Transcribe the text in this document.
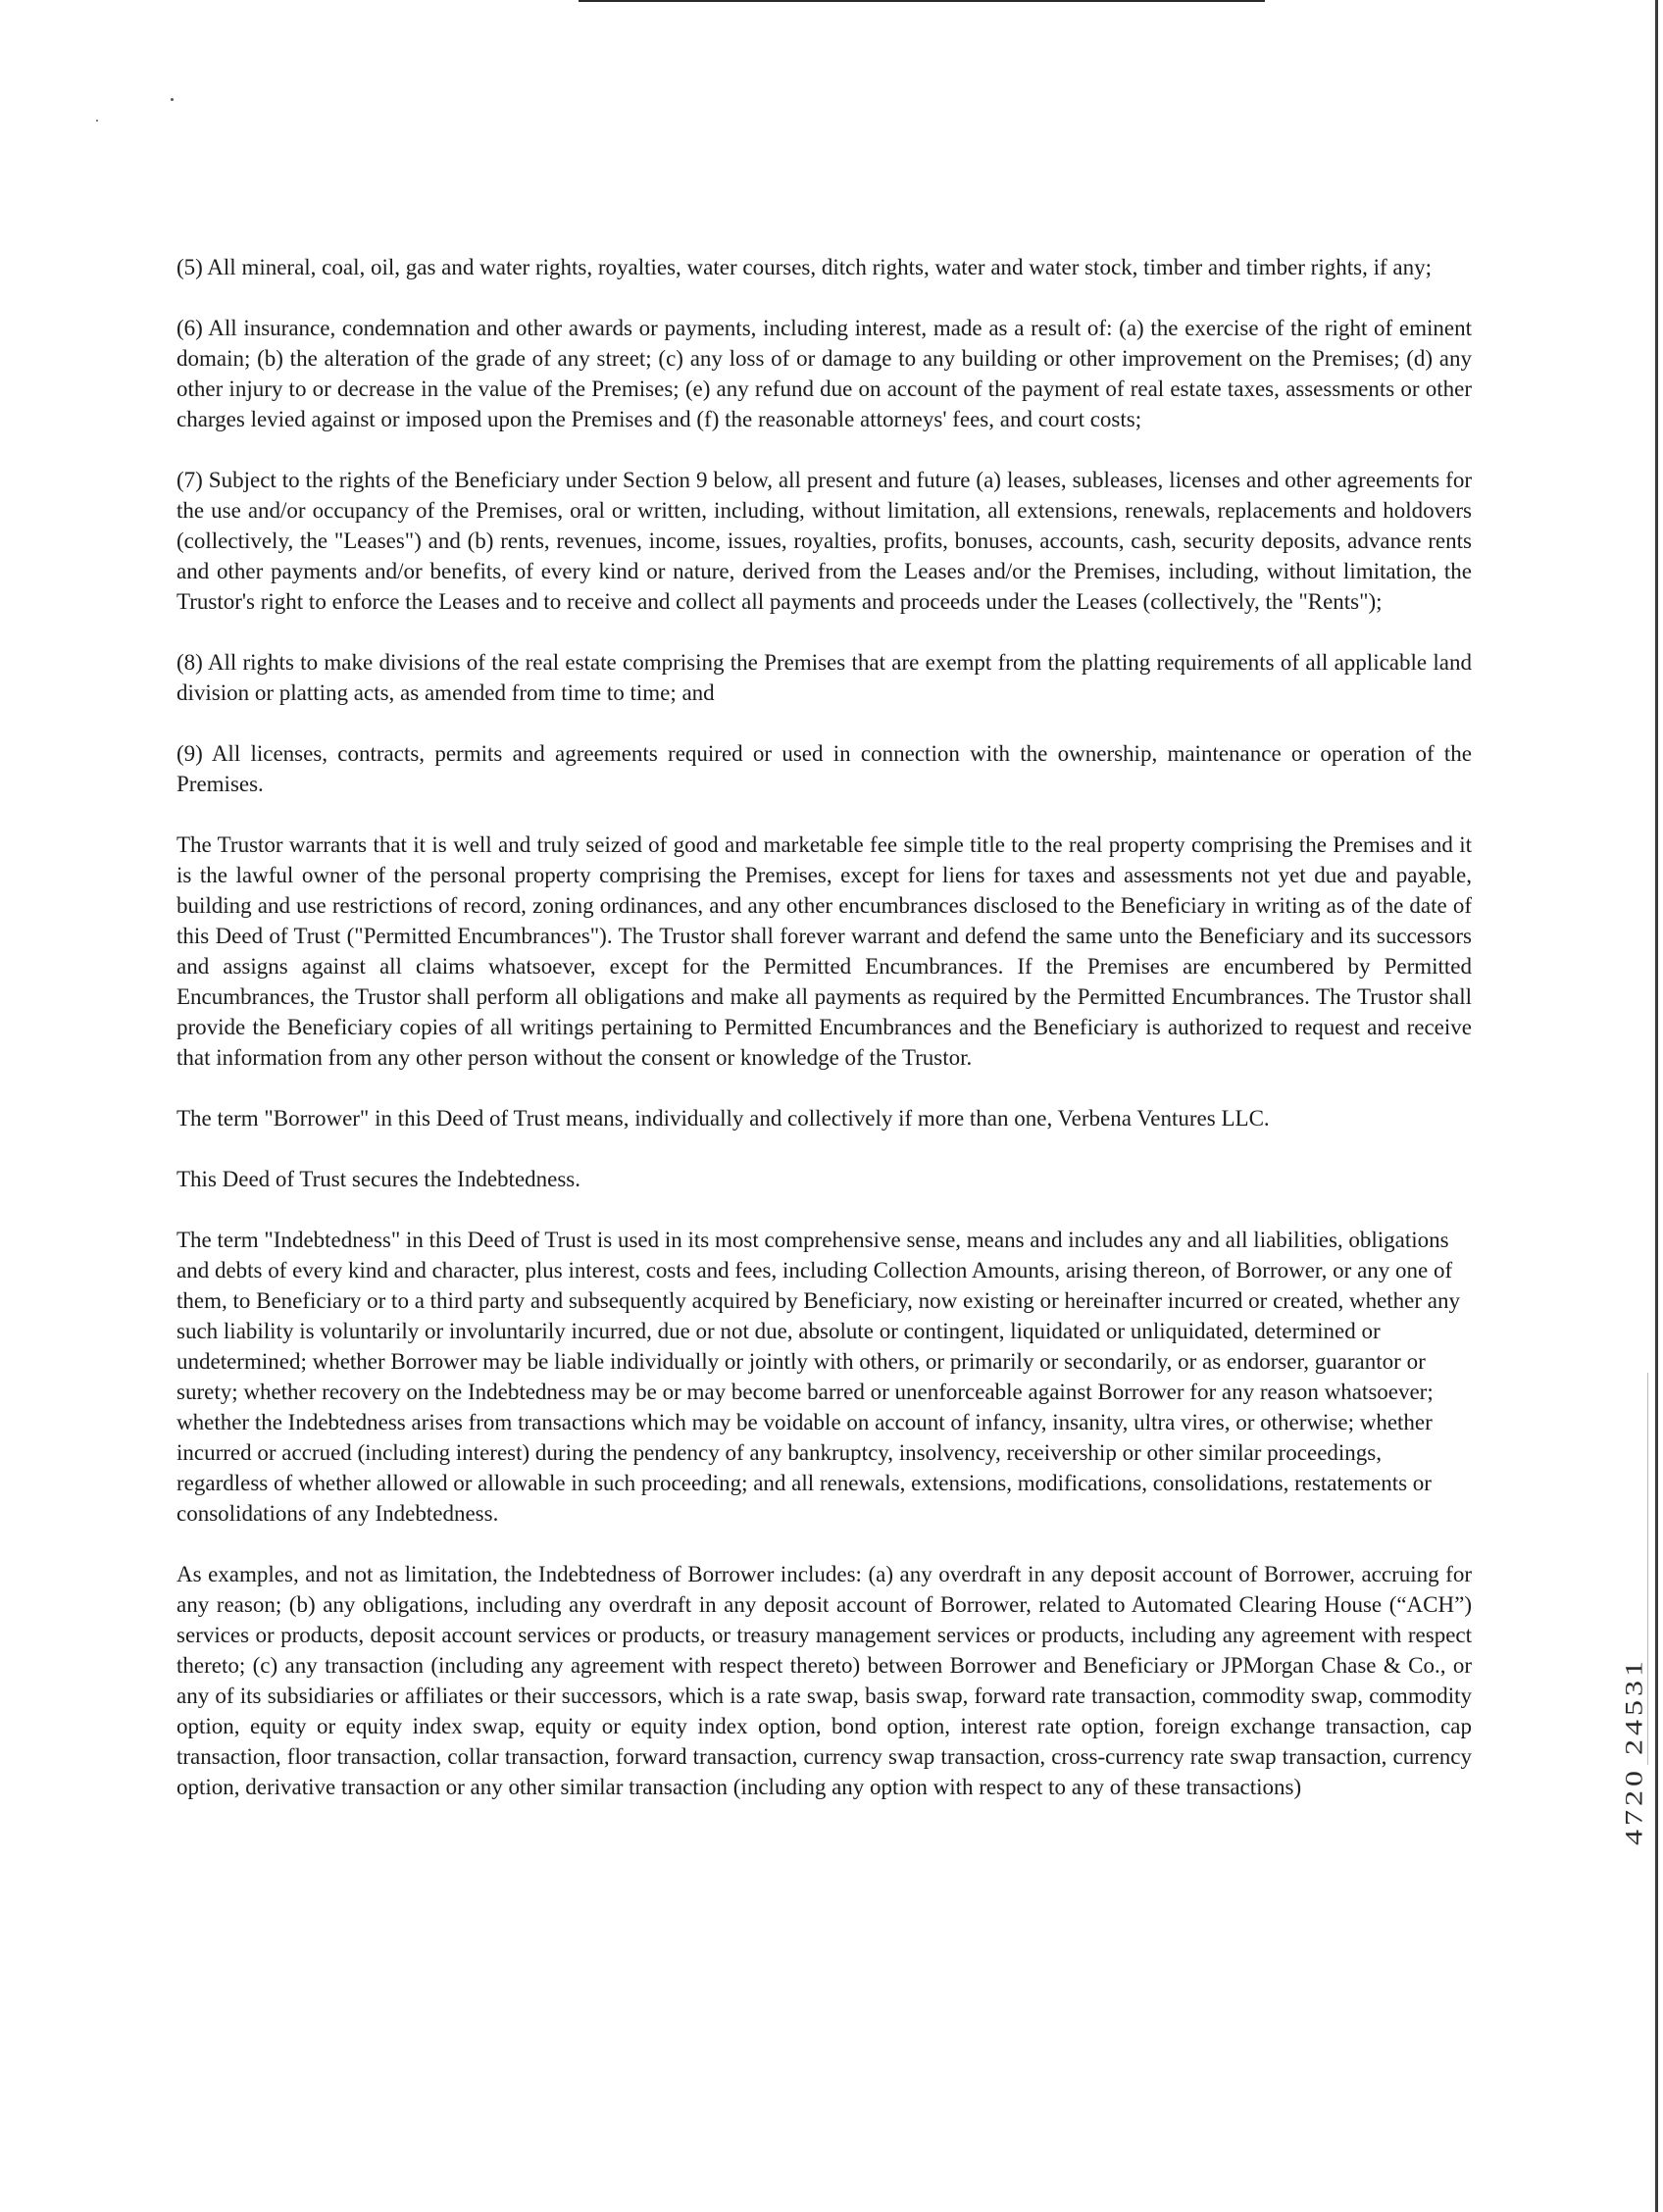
(5) All mineral, coal, oil, gas and water rights, royalties, water courses, ditch rights, water and water stock, timber and timber rights, if any;

(6) All insurance, condemnation and other awards or payments, including interest, made as a result of: (a) the exercise of the right of eminent domain; (b) the alteration of the grade of any street; (c) any loss of or damage to any building or other improvement on the Premises; (d) any other injury to or decrease in the value of the Premises; (e) any refund due on account of the payment of real estate taxes, assessments or other charges levied against or imposed upon the Premises and (f) the reasonable attorneys' fees, and court costs;

(7) Subject to the rights of the Beneficiary under Section 9 below, all present and future (a) leases, subleases, licenses and other agreements for the use and/or occupancy of the Premises, oral or written, including, without limitation, all extensions, renewals, replacements and holdovers (collectively, the "Leases") and (b) rents, revenues, income, issues, royalties, profits, bonuses, accounts, cash, security deposits, advance rents and other payments and/or benefits, of every kind or nature, derived from the Leases and/or the Premises, including, without limitation, the Trustor's right to enforce the Leases and to receive and collect all payments and proceeds under the Leases (collectively, the "Rents");

(8) All rights to make divisions of the real estate comprising the Premises that are exempt from the platting requirements of all applicable land division or platting acts, as amended from time to time; and

(9) All licenses, contracts, permits and agreements required or used in connection with the ownership, maintenance or operation of the Premises.

The Trustor warrants that it is well and truly seized of good and marketable fee simple title to the real property comprising the Premises and it is the lawful owner of the personal property comprising the Premises, except for liens for taxes and assessments not yet due and payable, building and use restrictions of record, zoning ordinances, and any other encumbrances disclosed to the Beneficiary in writing as of the date of this Deed of Trust ("Permitted Encumbrances"). The Trustor shall forever warrant and defend the same unto the Beneficiary and its successors and assigns against all claims whatsoever, except for the Permitted Encumbrances. If the Premises are encumbered by Permitted Encumbrances, the Trustor shall perform all obligations and make all payments as required by the Permitted Encumbrances. The Trustor shall provide the Beneficiary copies of all writings pertaining to Permitted Encumbrances and the Beneficiary is authorized to request and receive that information from any other person without the consent or knowledge of the Trustor.

The term "Borrower" in this Deed of Trust means, individually and collectively if more than one, Verbena Ventures LLC.

This Deed of Trust secures the Indebtedness.

The term "Indebtedness" in this Deed of Trust is used in its most comprehensive sense, means and includes any and all liabilities, obligations and debts of every kind and character, plus interest, costs and fees, including Collection Amounts, arising thereon, of Borrower, or any one of them, to Beneficiary or to a third party and subsequently acquired by Beneficiary, now existing or hereinafter incurred or created, whether any such liability is voluntarily or involuntarily incurred, due or not due, absolute or contingent, liquidated or unliquidated, determined or undetermined; whether Borrower may be liable individually or jointly with others, or primarily or secondarily, or as endorser, guarantor or surety; whether recovery on the Indebtedness may be or may become barred or unenforceable against Borrower for any reason whatsoever; whether the Indebtedness arises from transactions which may be voidable on account of infancy, insanity, ultra vires, or otherwise; whether incurred or accrued (including interest) during the pendency of any bankruptcy, insolvency, receivership or other similar proceedings, regardless of whether allowed or allowable in such proceeding; and all renewals, extensions, modifications, consolidations, restatements or consolidations of any Indebtedness.

As examples, and not as limitation, the Indebtedness of Borrower includes: (a) any overdraft in any deposit account of Borrower, accruing for any reason; (b) any obligations, including any overdraft in any deposit account of Borrower, related to Automated Clearing House (“ACH”) services or products, deposit account services or products, or treasury management services or products, including any agreement with respect thereto; (c) any transaction (including any agreement with respect thereto) between Borrower and Beneficiary or JPMorgan Chase & Co., or any of its subsidiaries or affiliates or their successors, which is a rate swap, basis swap, forward rate transaction, commodity swap, commodity option, equity or equity index swap, equity or equity index option, bond option, interest rate option, foreign exchange transaction, cap transaction, floor transaction, collar transaction, forward transaction, currency swap transaction, cross-currency rate swap transaction, currency option, derivative transaction or any other similar transaction (including any option with respect to any of these transactions)	4720 24531
